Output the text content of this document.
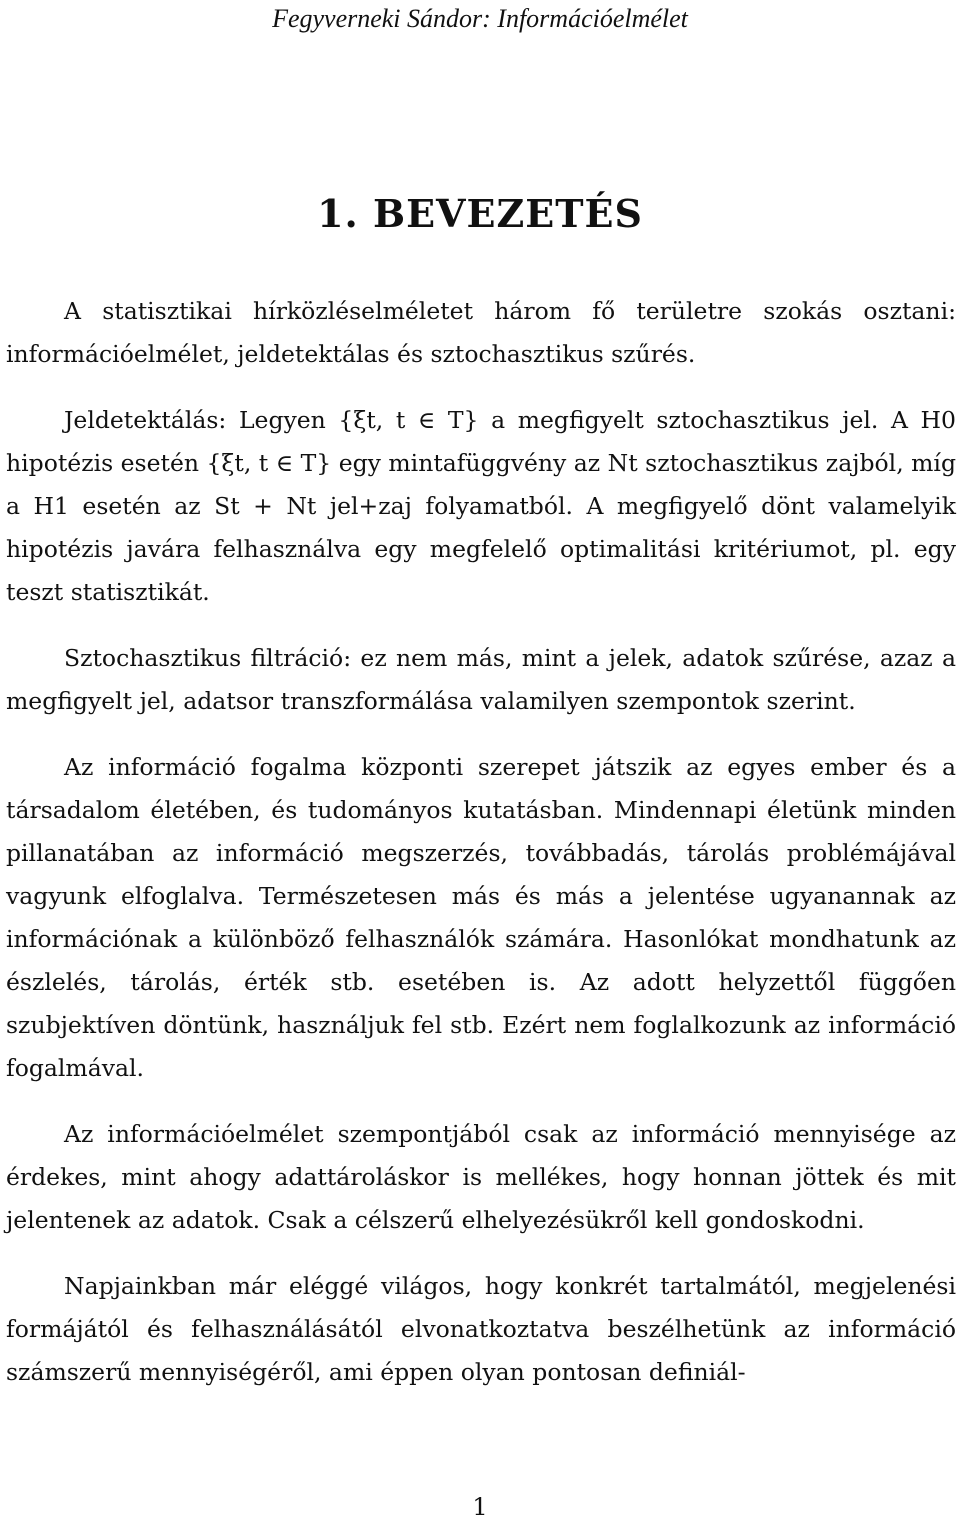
Fegyverneki Sándor: Információelmélet
1. BEVEZETÉS

A statisztikai hírközléselméletet három fő területre szokás osztani: információelmélet, jeldetektálas és sztochasztikus szűrés.

Jeldetektálás: Legyen {ξt, t ∈ T} a megfigyelt sztochasztikus jel. A H0 hipotézis esetén {ξt, t ∈ T} egy mintafüggvény az Nt sztochasztikus zajból, míg a H1 esetén az St + Nt jel+zaj folyamatból. A megfigyelő dönt valamelyik hipotézis javára felhasználva egy megfelelő optimalitási kritériumot, pl. egy teszt statisztikát.

Sztochasztikus filtráció: ez nem más, mint a jelek, adatok szűrése, azaz a megfigyelt jel, adatsor transzformálása valamilyen szempontok szerint.

Az információ fogalma központi szerepet játszik az egyes ember és a társadalom életében, és tudományos kutatásban. Mindennapi életünk minden pillanatában az információ megszerzés, továbbadás, tárolás problémájával vagyunk elfoglalva. Természetesen más és más a jelentése ugyanannak az információnak a különböző felhasználók számára. Hasonlókat mondhatunk az észlelés, tárolás, érték stb. esetében is. Az adott helyzettől függően szubjektíven döntünk, használjuk fel stb. Ezért nem foglalkozunk az információ fogalmával.

Az információelmélet szempontjából csak az információ mennyisége az érdekes, mint ahogy adattároláskor is mellékes, hogy honnan jöttek és mit jelentenek az adatok. Csak a célszerű elhelyezésükről kell gondoskodni.

Napjainkban már eléggé világos, hogy konkrét tartalmától, megjelenési formájától és felhasználásától elvonatkoztatva beszélhetünk az információ számszerű mennyiségéről, ami éppen olyan pontosan definiál-

1
